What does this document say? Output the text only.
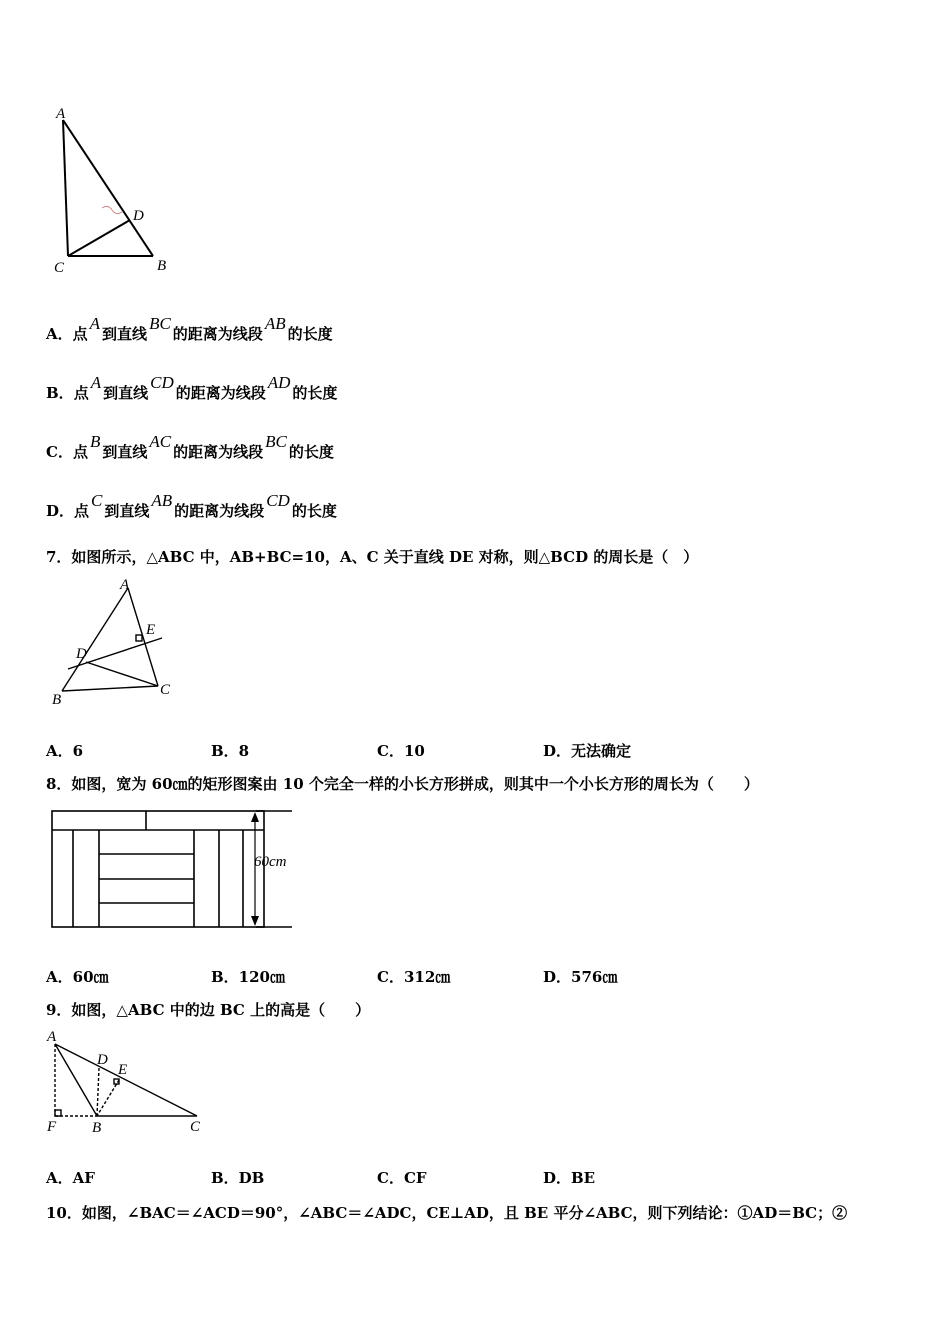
A
D
C	B
A． 点
A
到直线
BC
的距离为线段
AB
的长度
B． 点
A
到直线
CD
的距离为线段
AD
的长度
C． 点
B
到直线
AC
的距离为线段
BC
的长度
D． 点
C
到直线
AB
的距离为线段
CD
的长度
7．如图所示，△ABC 中，AB+BC=10，A、C 关于直线 DE 对称，则△BCD 的周长是（　）
A
E
D
B
C
A．6	B．8	C．10	D．无法确定
8．如图，宽为 60㎝的矩形图案由 10 个完全一样的小长方形拼成，则其中一个小长方形的周长为（　　）
60cm
A．60㎝	B．120㎝	C．312㎝	D．576㎝
9．如图，△ABC 中的边 BC 上的高是（　　）
A
D
E
F B	C
A．AF	B．DB	C．CF	D．BE
10．如图，∠BAC＝∠ACD＝90°，∠ABC＝∠ADC，CE⊥AD，且 BE 平分∠ABC，则下列结论：①AD＝BC；②
